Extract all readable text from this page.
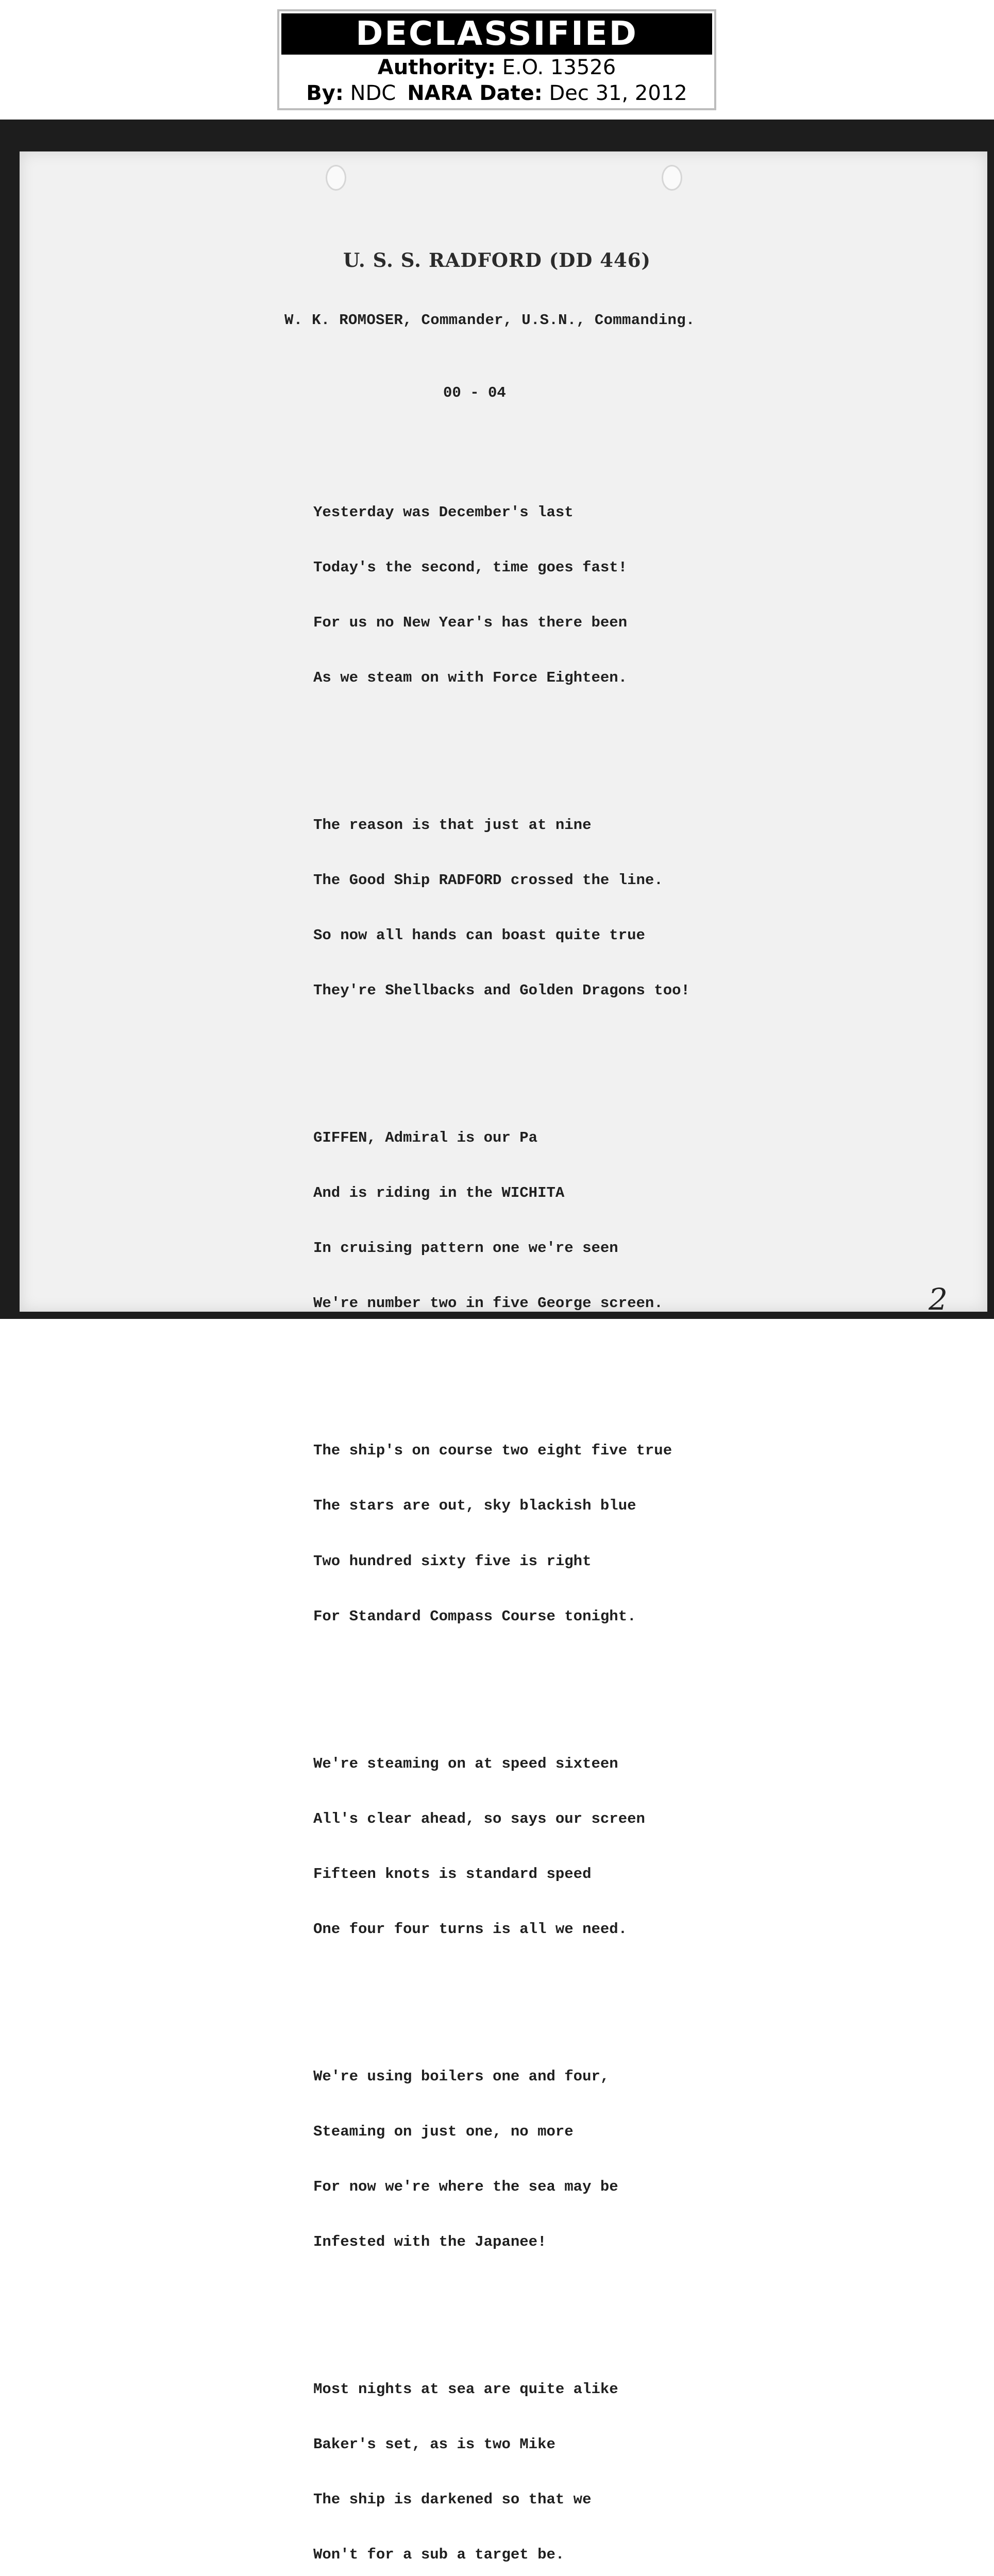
DECLASSIFIED
Authority: E.O. 13526
By: NDC NARA Date: Dec 31, 2012
U. S. S. RADFORD (DD 446)
W. K. ROMOSER, Commander, U.S.N., Commanding.
00 - 04

Yesterday was December's last

Today's the second, time goes fast!

For us no New Year's has there been

As we steam on with Force Eighteen.

The reason is that just at nine

The Good Ship RADFORD crossed the line.

So now all hands can boast quite true

They're Shellbacks and Golden Dragons too!

GIFFEN, Admiral is our Pa

And is riding in the WICHITA

In cruising pattern one we're seen

We're number two in five George screen.

The ship's on course two eight five true

The stars are out, sky blackish blue

Two hundred sixty five is right

For Standard Compass Course tonight.

We're steaming on at speed sixteen

All's clear ahead, so says our screen

Fifteen knots is standard speed

One four four turns is all we need.

We're using boilers one and four,

Steaming on just one, no more

For now we're where the sea may be

Infested with the Japanee!

Most nights at sea are quite alike

Baker's set, as is two Mike

The ship is darkened so that we

Won't for a sub a target be.

2
